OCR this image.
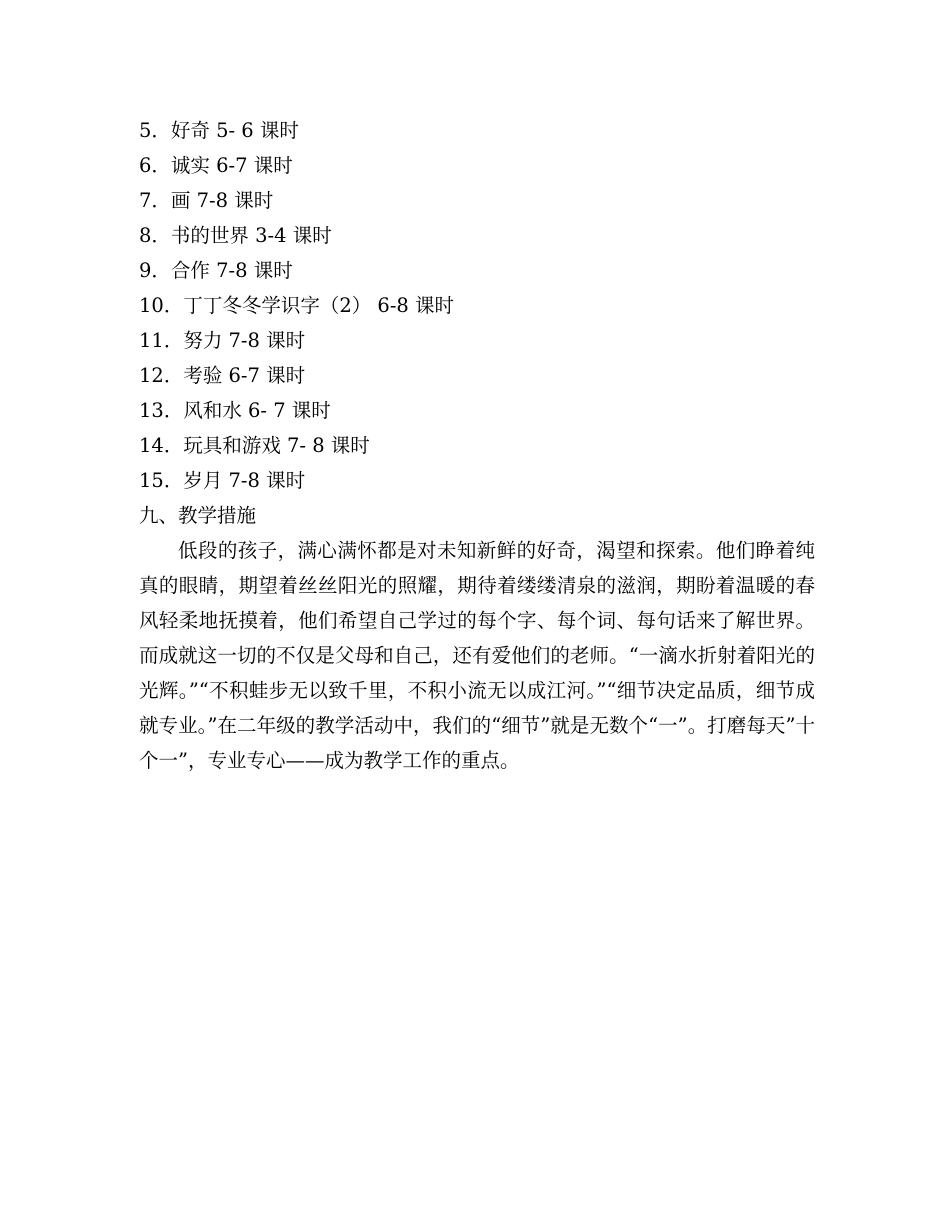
5．好奇 5- 6 课时
6．诚实 6-7 课时
7．画 7-8 课时
8．书的世界 3-4 课时
9．合作 7-8 课时
10．丁丁冬冬学识字（2） 6-8 课时
11．努力 7-8 课时
12．考验 6-7 课时
13．风和水 6- 7 课时
14．玩具和游戏 7- 8 课时
15．岁月 7-8 课时
九、教学措施

低段的孩子，满心满怀都是对未知新鲜的好奇，渴望和探索。他们睁着纯真的眼睛，期望着丝丝阳光的照耀，期待着缕缕清泉的滋润，期盼着温暖的春风轻柔地抚摸着，他们希望自己学过的每个字、每个词、每句话来了解世界。而成就这一切的不仅是父母和自己，还有爱他们的老师。“一滴水折射着阳光的光辉。”“不积蛙步无以致千里，不积小流无以成江河。”“细节决定品质，细节成就专业。”在二年级的教学活动中，我们的“细节”就是无数个“一”。打磨每天”十个一”，专业专心——成为教学工作的重点。
